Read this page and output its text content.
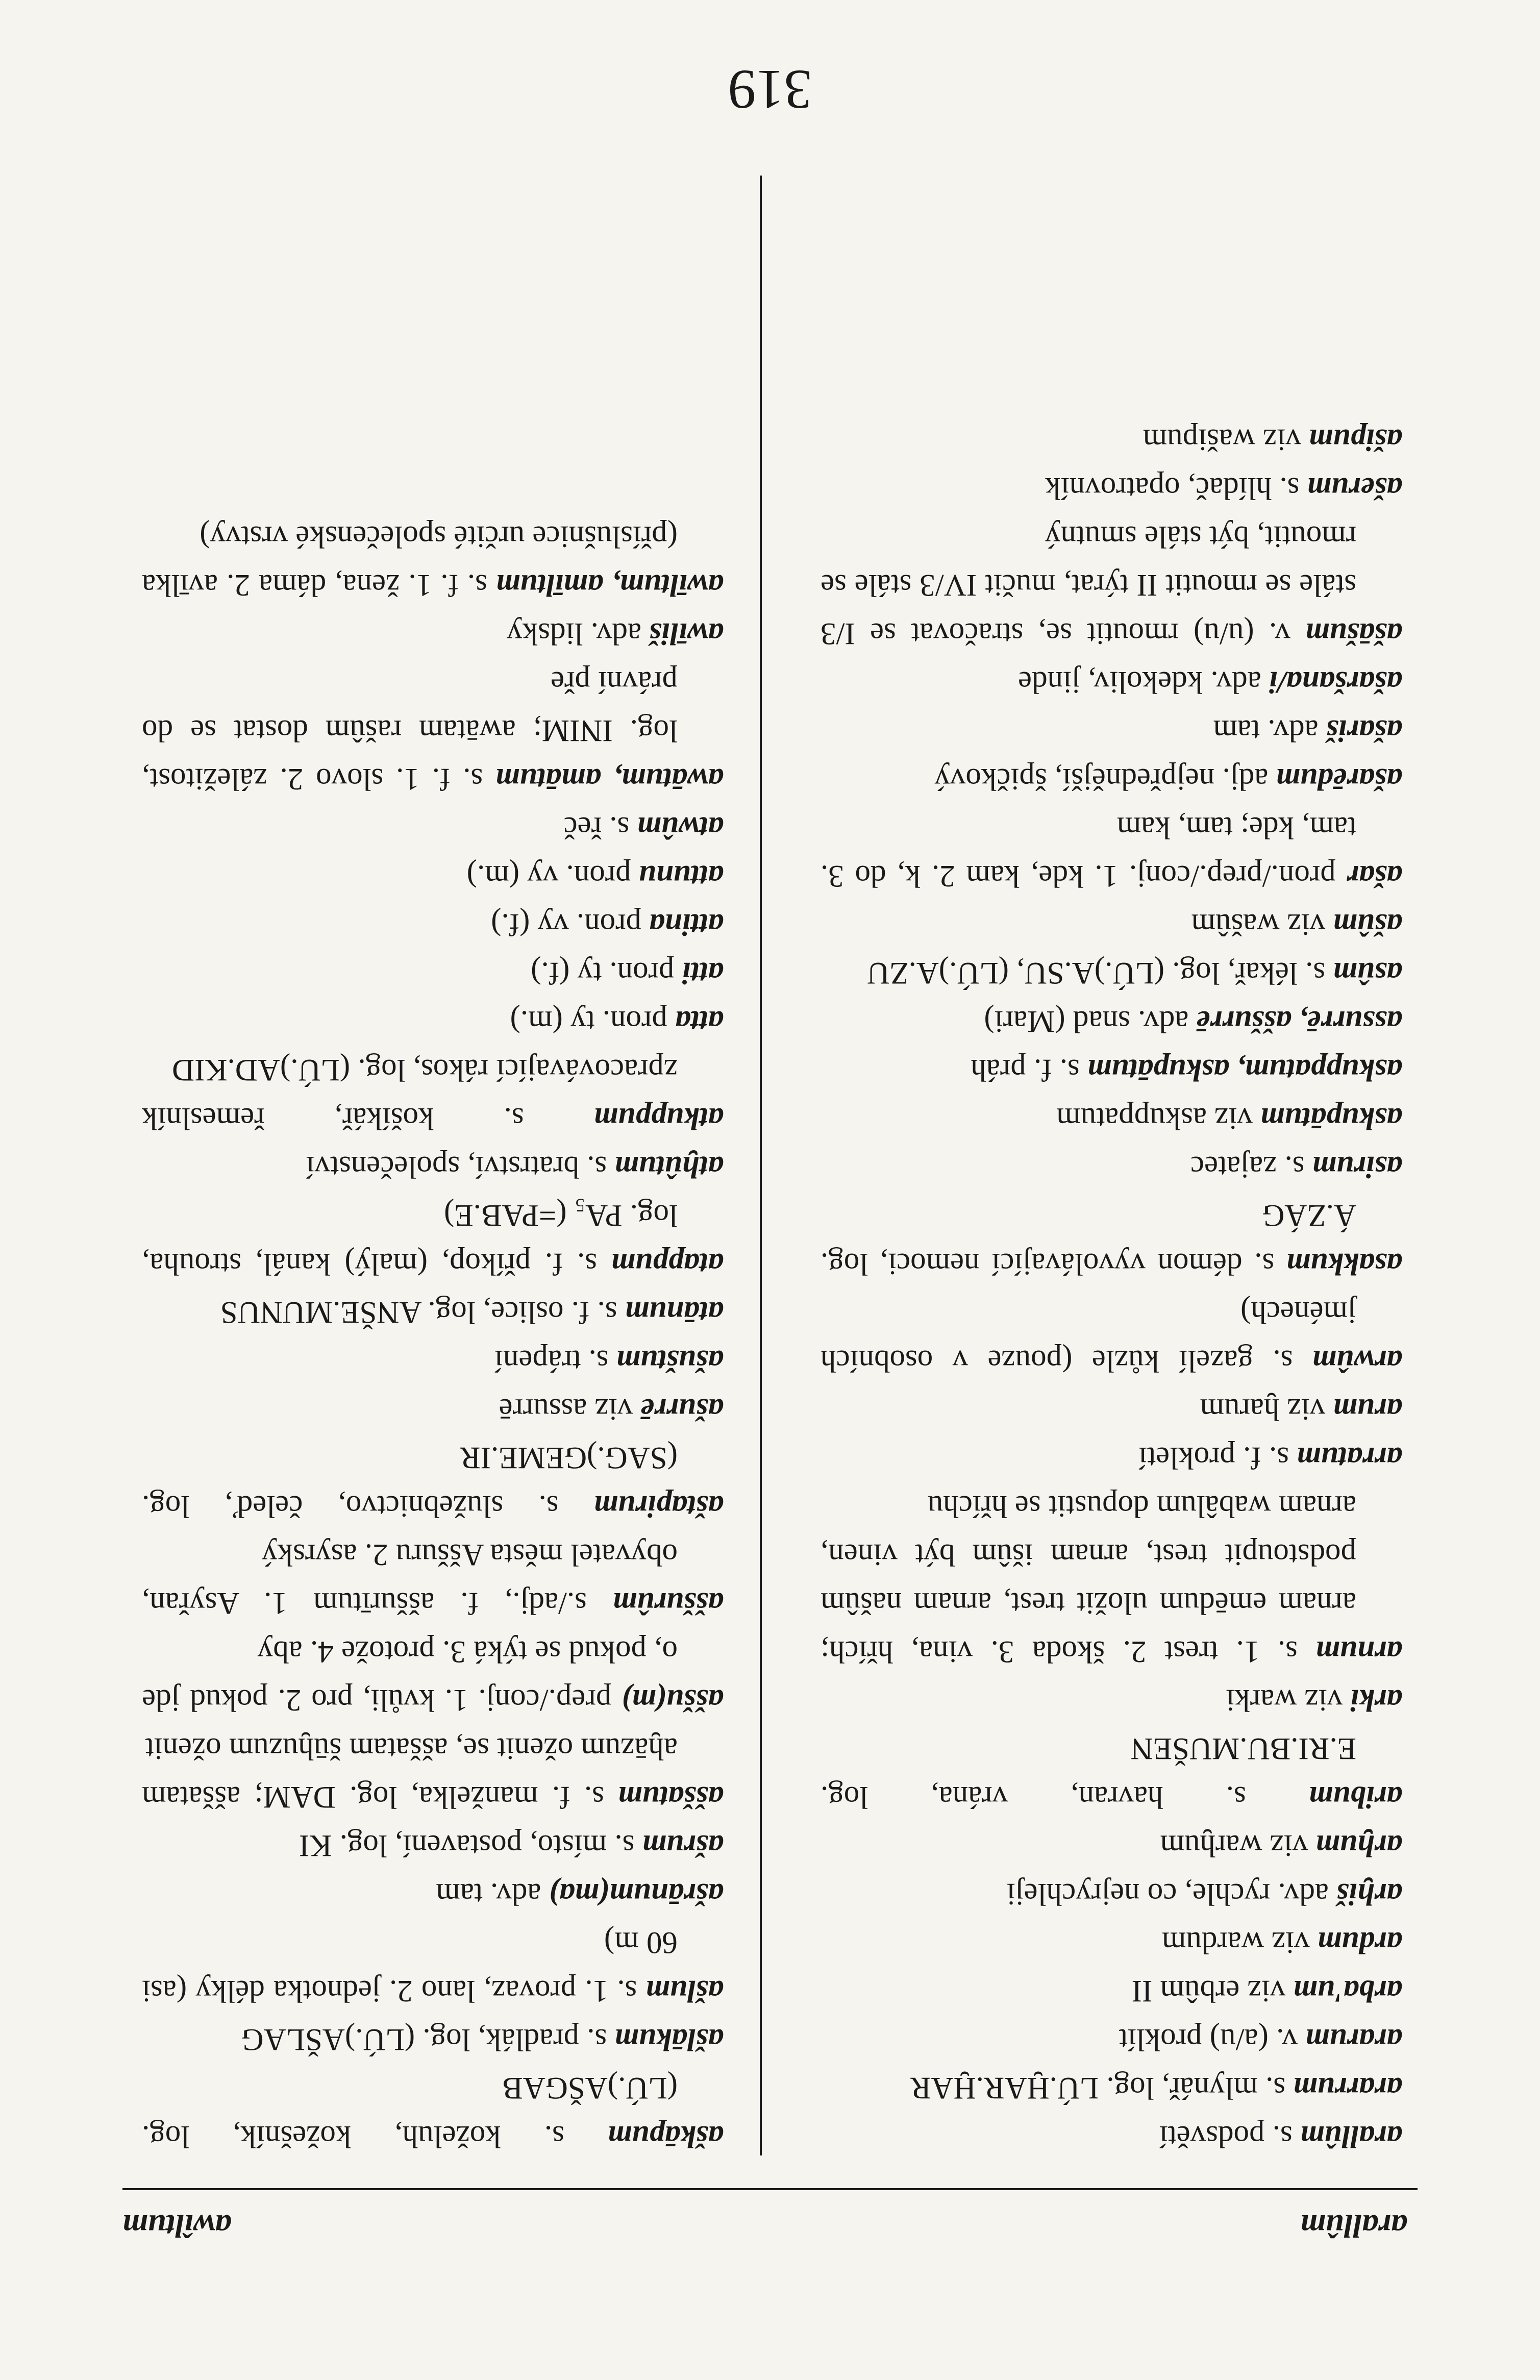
arallûm
awîltum

arallûm s. podsvětí

ararrum s. mlynář, log. LÚ.ḪAR.ḪAR

ararum v. (a/u) proklít

arba'um viz erbûm II

ardum viz wardum

arḫiš adv. rychle, co nejrychleji

arḫum viz warḫum

aribum s. havran, vrána, log. E.RI.BU.MUŠEN

arki viz warki

arnum s. 1. trest 2. škoda 3. vina, hřích; arnam emēdum uložit trest, arnam našûm podstoupit trest, arnam išûm být vinen, arnam wabâlum dopustit se hříchu

arratum s. f. prokletí

arum viz ḫarum

arwûm s. gazelí kůzle (pouze v osobních jménech)

asakkum s. démon vyvolávající nemoci, log. Á.ZÁG

asirum s. zajatec

askupātum viz askuppatum

askuppatum, askupātum s. f. práh

assurrē, aššurrē adv. snad (Mari)

asûm s. lékař, log. (LÚ.)A.SU, (LÚ.)A.ZU

ašûm viz wašûm

ašar pron./prep./conj. 1. kde, kam 2. k, do 3. tam, kde; tam, kam

ašarēdum adj. nejpřednější, špičkový

ašariš adv. tam

ašaršana/i adv. kdekoliv, jinde

ašāšum v. (u/u) rmoutit se, stračovat se I/3 stále se rmoutit II týrat, mučit IV/3 stále se rmoutit, být stále smutný

ašerum s. hlídač, opatrovník

ašipum viz wašipum

aškāpum s. koželuh, kožešník, log. (LÚ.)AŠGAB

ašlākum s. pradlák, log. (LÚ.)AŠLAG

ašlum s. 1. provaz, lano 2. jednotka délky (asi 60 m)

ašrānum(ma) adv. tam

ašrum s. místo, postavení, log. KI

aššatum s. f. manželka, log. DAM; aššatam aḫāzum oženit se, aššatam šūḫuzum oženit

aššu(m) prep./conj. 1. kvůli, pro 2. pokud jde o, pokud se týká 3. protože 4. aby

aššurûm s./adj., f. aššurītum 1. Asyřan, obyvatel města Aššuru 2. asyrský

aštapirum s. služebnictvo, čeleď, log. (SAG.)GEME.IR

ašurrē viz assurrē

ašuštum s. trápení

atānum s. f. oslice, log. ANŠE.MUNUS

atappum s. f. příkop, (malý) kanál, strouha, log. PA₅ (=PAB.E)

atḫûtum s. bratrství, společenství

atkuppum s. košíkář, řemeslník zpracovávající rákos, log. (LÚ.)AD.KID

atta pron. ty (m.)

atti pron. ty (f.)

attina pron. vy (f.)

attunu pron. vy (m.)

atwûm s. řeč

awātum, amātum s. f. 1. slovo 2. záležitost, log. INIM; awātam rašûm dostat se do právní pře

awīliš adv. lidsky

awīltum, amīltum s. f. 1. žena, dáma 2. avīlka (příslušnice určité společenské vrstvy)

319
